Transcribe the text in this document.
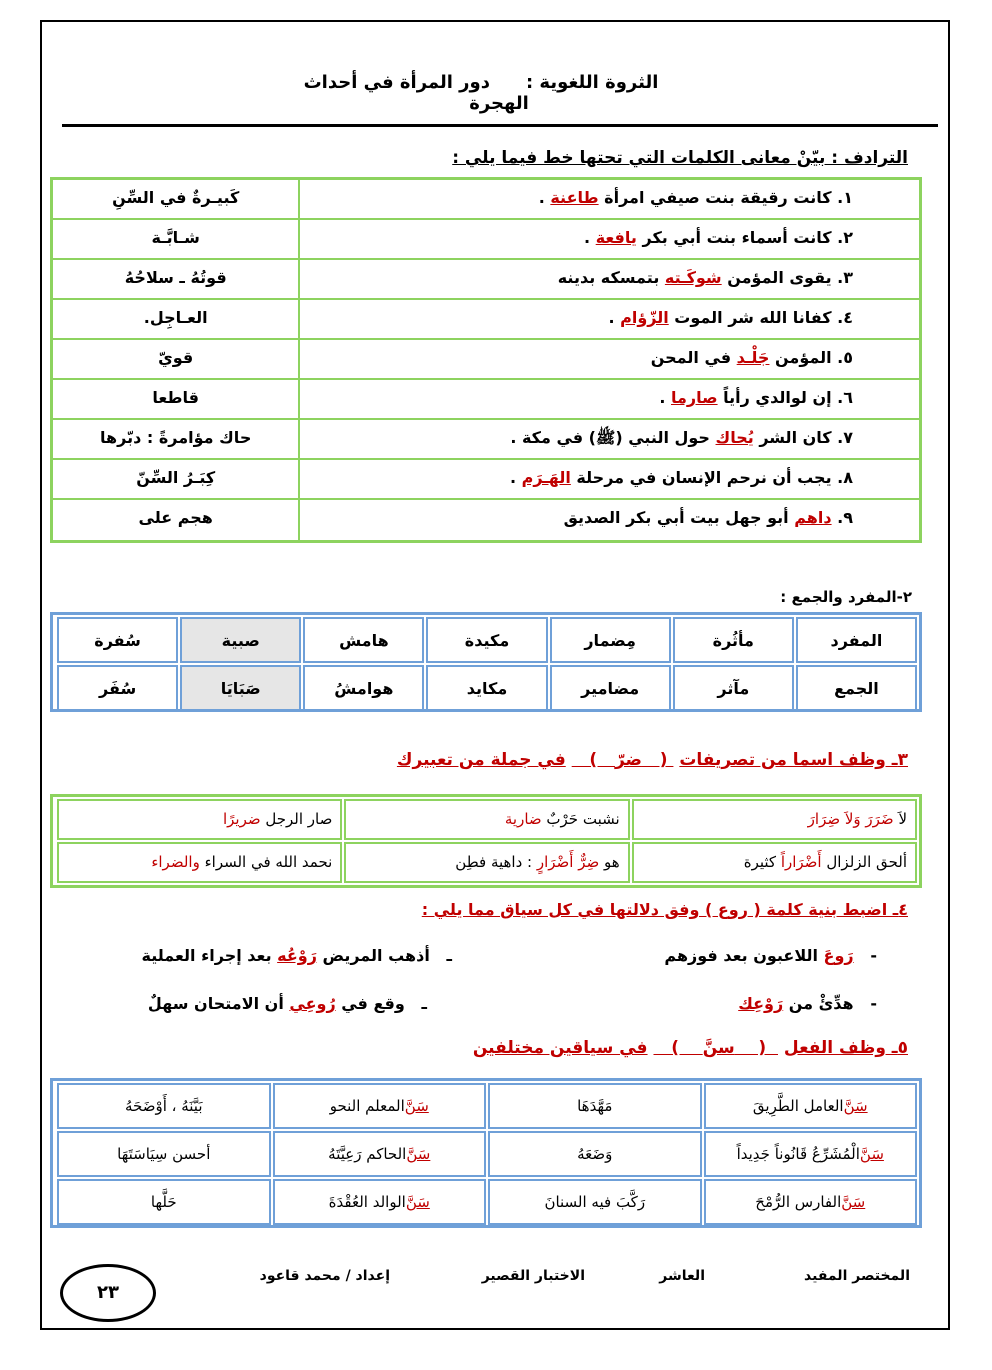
الثروة اللغوية :دور المرأة في أحداث الهجرة
الترادف : بيّنْ معانى الكلمات التي تحتها خط فيما يلي :
١. كانت رقيقة بنت صيفي امرأة طاعنة .
كَبيـرةٌ في السِّنِ
٢. كانت أسماء بنت أبي بكر يافعة .
شـابَّـة
٣. يقوى المؤمن شوكَـته بتمسكه بدينه
قوتُهُ ـ سلاحُهُ
٤. كفانا الله شر الموت الزّؤام .
العـاجِل.
٥. المؤمن جَلْـد في المحن
قويّ
٦. إن لوالدي رأياً صارما .
قاطعا
٧. كان الشر يُحاك حول النبي (ﷺ) في مكة .
حاك مؤامرةً : دبّرها
٨. يجب أن نرحم الإنسان في مرحلة الهَـرَم .
كِبَـرُ السِّنّ
٩. داهم أبو جهل بيت أبي بكر الصديق
هجم على
٢-المفرد والجمع :
المفرد
مأثُرة
مِضمار
مكيدة
هامش
صبية
سُفرة
الجمع
مآثر
مضامير
مكايد
هوامشُ
صَبَايَا
سُفَر
٣ـ وظف اسما من تصريفات  (   ضرّ   )    في جملة من تعبيرك
لاَ ضَرَرَ وَلاَ ضِرَارَ
نشبت حَرْبٌ ضارية
صار الرجل ضريرًا
ألحق الزلزال أَضْرَاراً كثيرة
هو ضِرٌّ أَضْرَارٍ : داهية فطِن
نحمد الله في السراء والضراء
٤ـ اضبط بنية كلمة ( روع ) وفق دلالتها في كل سياق مما يلي :
-   رَوعَ اللاعبون بعد فوزهم
ـ   أذهب المريض رَوْعُه بعد إجراء العملية
-   هدِّئْ من رَوْعِك
ـ   وقع في رُوعِي أن الامتحان سهلٌ
٥ـ وظف الفعل   (    سنَّ    )    في سياقين مختلفين
سَنَّ
العامل الطَّرِيقَ
مَهَّدَهَا
سَنَّ
المعلم النحو
بَيَّنَهُ ، أَوْضَحَهُ
سَنَّ
الْمُشَرِّعُ قَانُوناً جَدِيداً
وَضَعَهُ
سَنَّ
الحاكم رَعِيَّتَهُ
أحسن سِيَاسَتَهَا
سَنَّ
الفارس الرُّمْحَ
رَكَّبَ فيه السنانَ
سَنَّ
الوالد العُقْدَةَ
حَلَّها
المختصر المفيد
العاشر
الاختبار القصير
إعداد / محمد قاعود
٢٣
